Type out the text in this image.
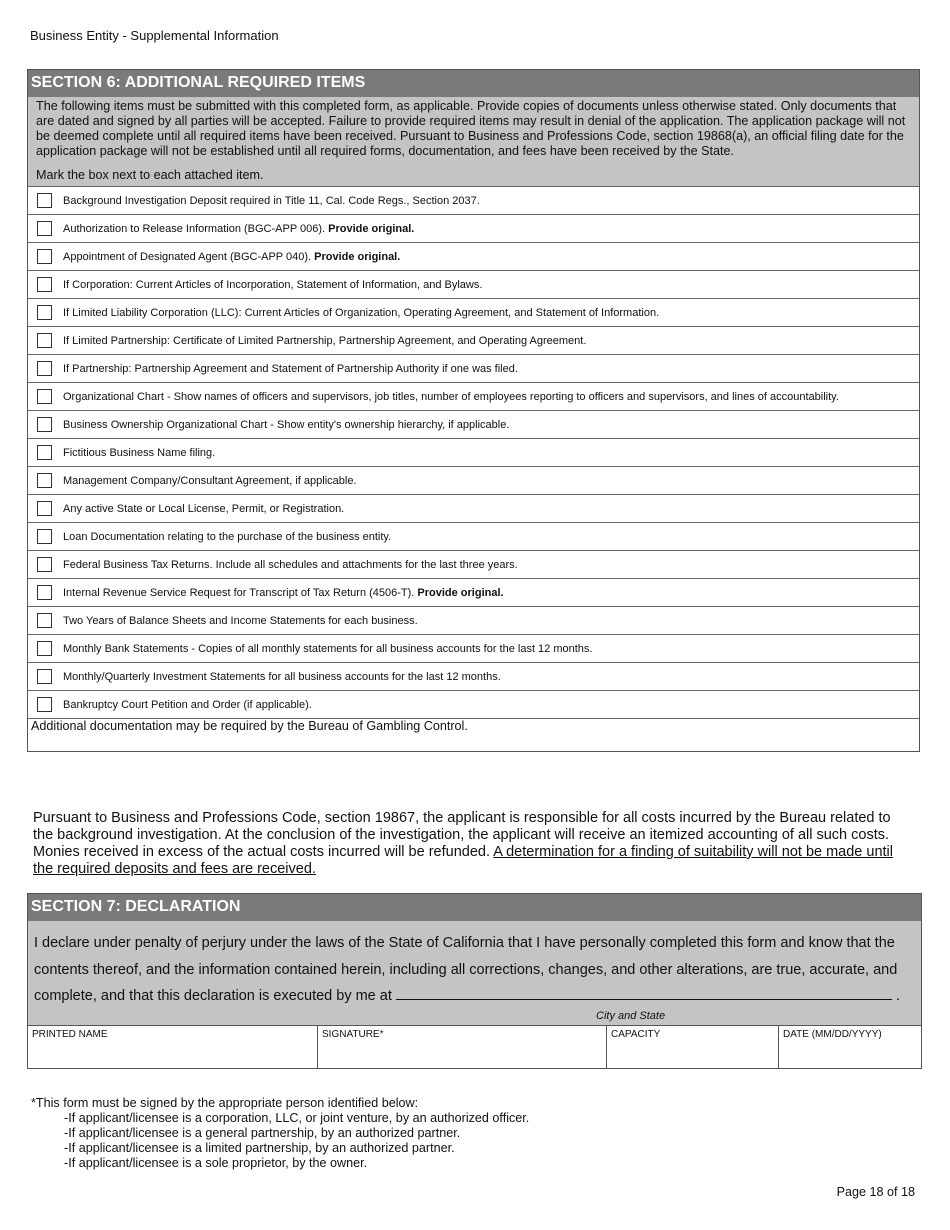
Business Entity - Supplemental Information
SECTION 6: ADDITIONAL REQUIRED ITEMS

The following items must be submitted with this completed form, as applicable. Provide copies of documents unless otherwise stated. Only documents that are dated and signed by all parties will be accepted. Failure to provide required items may result in denial of the application. The application package will not be deemed complete until all required items have been received. Pursuant to Business and Professions Code, section 19868(a), an official filing date for the application package will not be established until all required forms, documentation, and fees have been received by the State.

Mark the box next to each attached item.
Background Investigation Deposit required in Title 11, Cal. Code Regs., Section 2037.
Authorization to Release Information (BGC-APP 006). Provide original.
Appointment of Designated Agent (BGC-APP 040). Provide original.
If Corporation: Current Articles of Incorporation, Statement of Information, and Bylaws.
If Limited Liability Corporation (LLC): Current Articles of Organization, Operating Agreement, and Statement of Information.
If Limited Partnership: Certificate of Limited Partnership, Partnership Agreement, and Operating Agreement.
If Partnership: Partnership Agreement and Statement of Partnership Authority if one was filed.
Organizational Chart - Show names of officers and supervisors, job titles, number of employees reporting to officers and supervisors, and lines of accountability.
Business Ownership Organizational Chart - Show entity's ownership hierarchy, if applicable.
Fictitious Business Name filing.
Management Company/Consultant Agreement, if applicable.
Any active State or Local License, Permit, or Registration.
Loan Documentation relating to the purchase of the business entity.
Federal Business Tax Returns. Include all schedules and attachments for the last three years.
Internal Revenue Service Request for Transcript of Tax Return (4506-T). Provide original.
Two Years of Balance Sheets and Income Statements for each business.
Monthly Bank Statements - Copies of all monthly statements for all business accounts for the last 12 months.
Monthly/Quarterly Investment Statements for all business accounts for the last 12 months.
Bankruptcy Court Petition and Order (if applicable).
Additional documentation may be required by the Bureau of Gambling Control.

Pursuant to Business and Professions Code, section 19867, the applicant is responsible for all costs incurred by the Bureau related to the background investigation. At the conclusion of the investigation, the applicant will receive an itemized accounting of all such costs. Monies received in excess of the actual costs incurred will be refunded. A determination for a finding of suitability will not be made until the required deposits and fees are received.

SECTION 7: DECLARATION
I declare under penalty of perjury under the laws of the State of California that I have personally completed this form and know that the contents thereof, and the information contained herein, including all corrections, changes, and other alterations, are true, accurate, and complete, and that this declaration is executed by me at	.
City and State
PRINTED NAME	SIGNATURE*	CAPACITY	DATE (MM/DD/YYYY)
*This form must be signed by the appropriate person identified below:
-If applicant/licensee is a corporation, LLC, or joint venture, by an authorized officer.
-If applicant/licensee is a general partnership, by an authorized partner.
-If applicant/licensee is a limited partnership, by an authorized partner.
-If applicant/licensee is a sole proprietor, by the owner.
Page 18 of 18
